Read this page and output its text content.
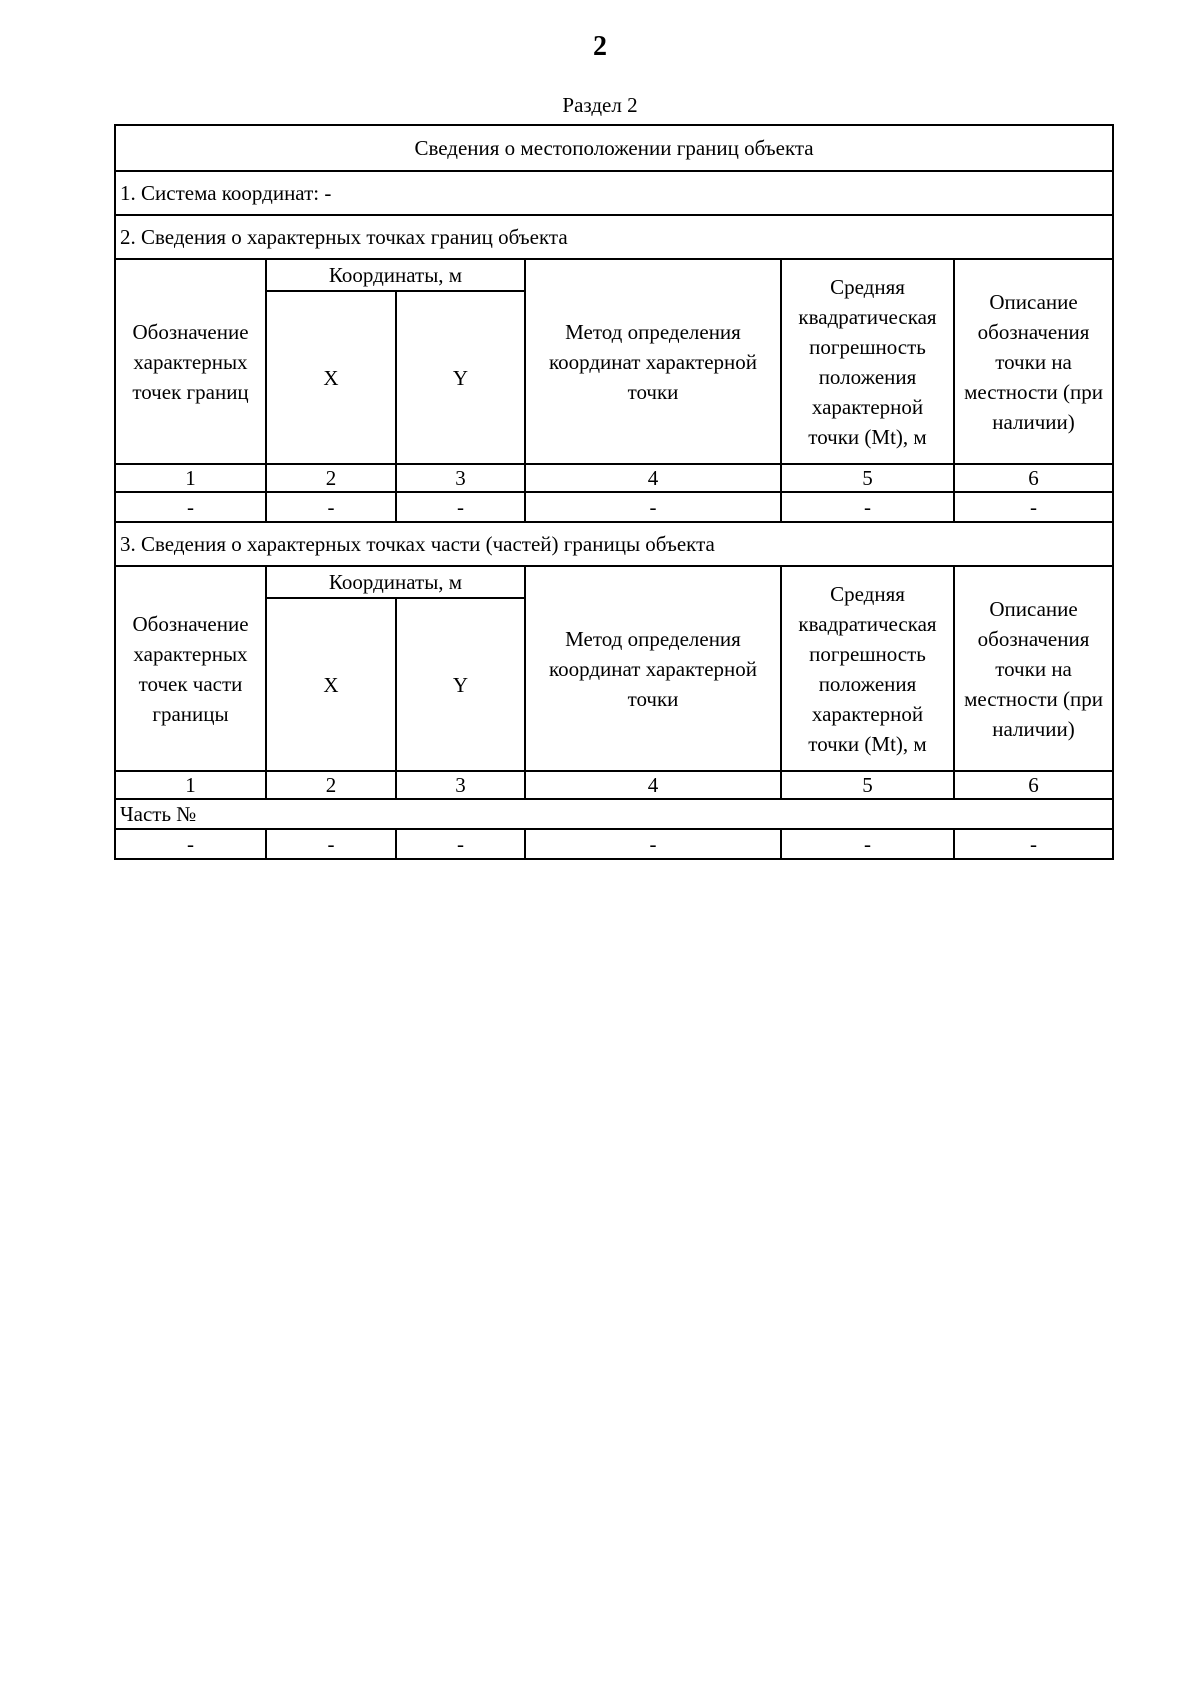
2
Раздел 2
Сведения о местоположении границ объекта					
1. Система координат: -					
2. Сведения о характерных точках границ объекта					
Обозначение характерных точек границ	Координаты, м		Метод определения координат характерной точки	Средняя квадратическая погрешность положения характерной точки (Mt), м	Описание обозначения точки на местности (при наличии)
	X	Y			
1	2	3	4	5	6
-	-	-	-	-	-
3. Сведения о характерных точках части (частей) границы объекта					
Обозначение характерных точек части границы	Координаты, м		Метод определения координат характерной точки	Средняя квадратическая погрешность положения характерной точки (Mt), м	Описание обозначения точки на местности (при наличии)
	X	Y			
1	2	3	4	5	6
Часть №					
-	-	-	-	-	-
